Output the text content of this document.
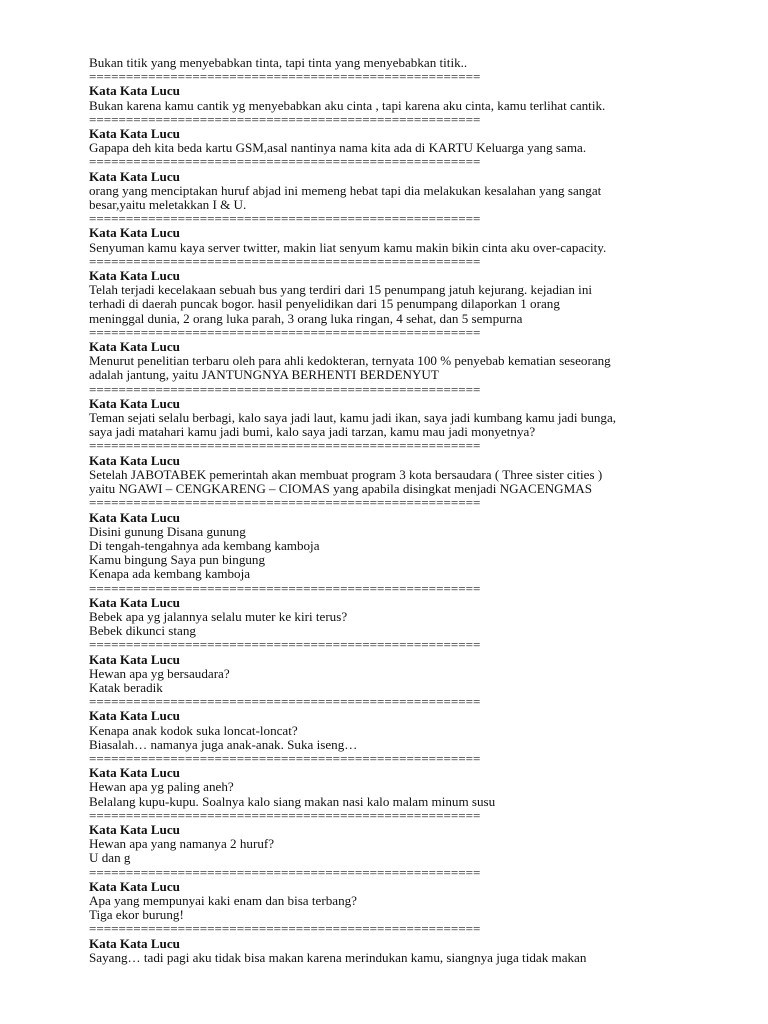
Bukan titik yang menyebabkan tinta, tapi tinta yang menyebabkan titik..
=====================================================
Kata Kata Lucu
Bukan karena kamu cantik yg menyebabkan aku cinta , tapi karena aku cinta, kamu terlihat cantik.
=====================================================
Kata Kata Lucu
Gapapa deh kita beda kartu GSM,asal nantinya nama kita ada di KARTU Keluarga yang sama.
=====================================================
Kata Kata Lucu
orang yang menciptakan huruf abjad ini memeng hebat tapi dia melakukan kesalahan yang sangat
besar,yaitu meletakkan I & U.
=====================================================
Kata Kata Lucu
Senyuman kamu kaya server twitter, makin liat senyum kamu makin bikin cinta aku over-capacity.
=====================================================
Kata Kata Lucu
Telah terjadi kecelakaan sebuah bus yang terdiri dari 15 penumpang jatuh kejurang. kejadian ini
terhadi di daerah puncak bogor. hasil penyelidikan dari 15 penumpang dilaporkan 1 orang
meninggal dunia, 2 orang luka parah, 3 orang luka ringan, 4 sehat, dan 5 sempurna
=====================================================
Kata Kata Lucu
Menurut penelitian terbaru oleh para ahli kedokteran, ternyata 100 % penyebab kematian seseorang
adalah jantung, yaitu JANTUNGNYA BERHENTI BERDENYUT
=====================================================
Kata Kata Lucu
Teman sejati selalu berbagi, kalo saya jadi laut, kamu jadi ikan, saya jadi kumbang kamu jadi bunga,
saya jadi matahari kamu jadi bumi, kalo saya jadi tarzan, kamu mau jadi monyetnya?
=====================================================
Kata Kata Lucu
Setelah JABOTABEK pemerintah akan membuat program 3 kota bersaudara ( Three sister cities )
yaitu NGAWI – CENGKARENG – CIOMAS yang apabila disingkat menjadi NGACENGMAS
=====================================================
Kata Kata Lucu
Disini gunung Disana gunung
Di tengah-tengahnya ada kembang kamboja
Kamu bingung Saya pun bingung
Kenapa ada kembang kamboja
=====================================================
Kata Kata Lucu
Bebek apa yg jalannya selalu muter ke kiri terus?
Bebek dikunci stang
=====================================================
Kata Kata Lucu
Hewan apa yg bersaudara?
Katak beradik
=====================================================
Kata Kata Lucu
Kenapa anak kodok suka loncat-loncat?
Biasalah… namanya juga anak-anak. Suka iseng…
=====================================================
Kata Kata Lucu
Hewan apa yg paling aneh?
Belalang kupu-kupu. Soalnya kalo siang makan nasi kalo malam minum susu
=====================================================
Kata Kata Lucu
Hewan apa yang namanya 2 huruf?
U dan g
=====================================================
Kata Kata Lucu
Apa yang mempunyai kaki enam dan bisa terbang?
Tiga ekor burung!
=====================================================
Kata Kata Lucu
Sayang… tadi pagi aku tidak bisa makan karena merindukan kamu, siangnya juga tidak makan
